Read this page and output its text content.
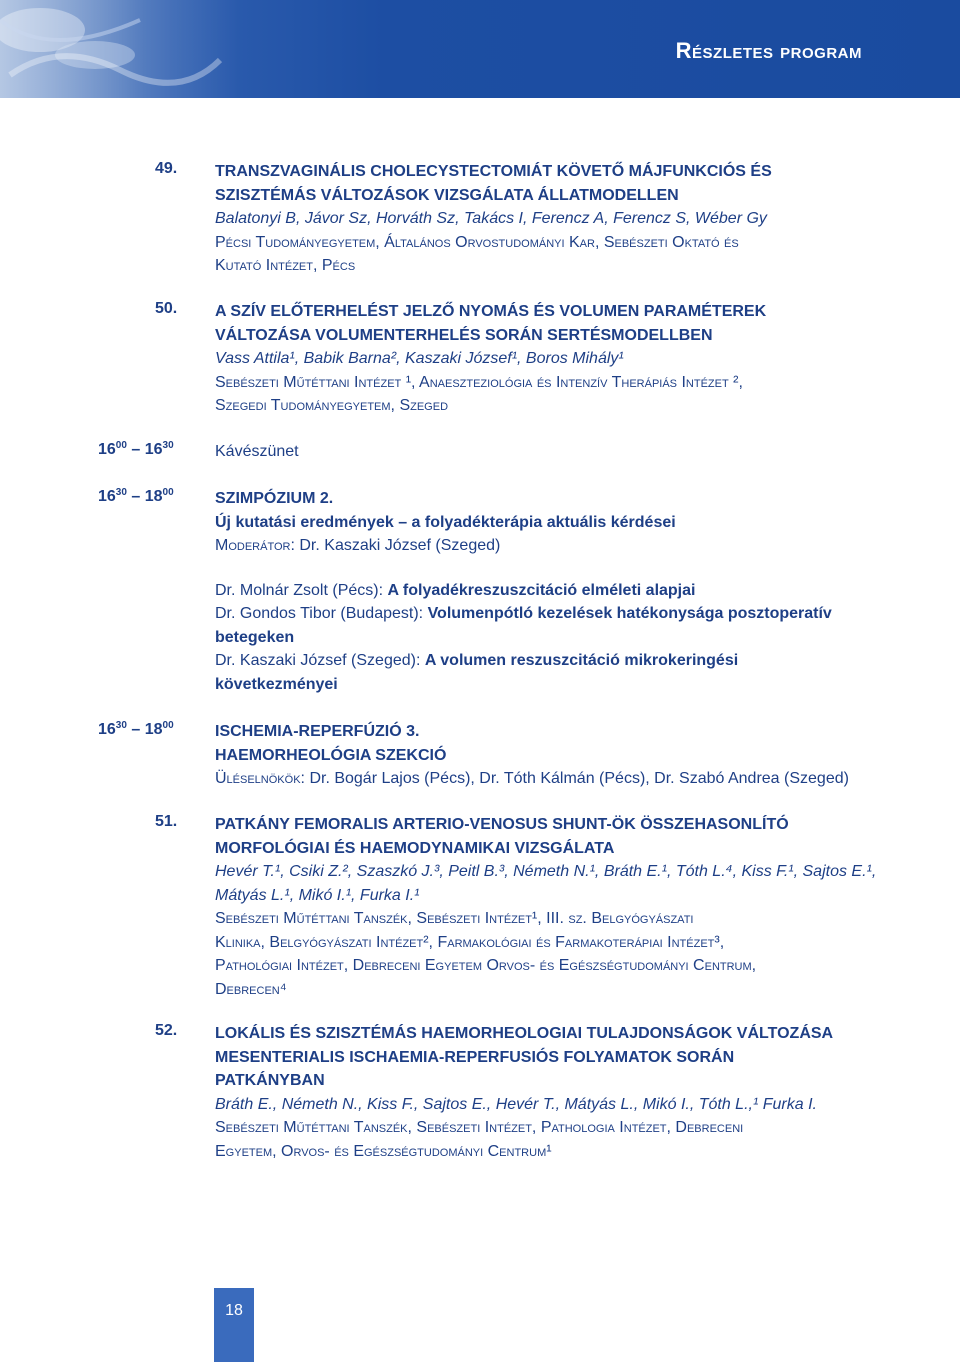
Részletes program
49. TRANSZVAGINÁLIS CHOLECYSTECTOMIÁT KÖVETŐ MÁJFUNKCIÓS ÉS
SZISZTÉMÁS VÁLTOZÁSOK VIZSGÁLATA ÁLLATMODELLEN
Balatonyi B, Jávor Sz, Horváth Sz, Takács I, Ferencz A, Ferencz S, Wéber Gy
Pécsi Tudományegyetem, Általános Orvostudományi Kar, Sebészeti Oktató és
Kutató Intézet, Pécs
50. A SZÍV ELŐTERHELÉST JELZŐ NYOMÁS ÉS VOLUMEN PARAMÉTEREK
VÁLTOZÁSA VOLUMENTERHELÉS SORÁN SERTÉSMODELLBEN
Vass Attila¹, Babik Barna², Kaszaki József¹, Boros Mihály¹
Sebészeti Műtéttani Intézet ¹, Anaeszteziológia és Intenzív Therápiás Intézet ²,
Szegedi Tudományegyetem, Szeged
$16^{00} - 16^{30}$	Kávészünet
$16^{30} - 18^{00}$	SZIMPÓZIUM 2.
Új kutatási eredmények – a folyadékterápia aktuális kérdései
Moderátor: Dr. Kaszaki József (Szeged)
Dr. Molnár Zsolt (Pécs): A folyadékreszuszcitáció elméleti alapjai
Dr. Gondos Tibor (Budapest): Volumenpótló kezelések hatékonysága posztoperatív
betegeken
Dr. Kaszaki József (Szeged): A volumen reszuszcitáció mikrokeringési
következményei
$16^{30} - 18^{00}$	ISCHEMIA-REPERFÚZIÓ 3.
HAEMORHEOLÓGIA SZEKCIÓ
Üléselnökök: Dr. Bogár Lajos (Pécs), Dr. Tóth Kálmán (Pécs), Dr. Szabó Andrea (Szeged)
51. PATKÁNY FEMORALIS ARTERIO-VENOSUS SHUNT-ÖK ÖSSZEHASONLÍTÓ
MORFOLÓGIAI ÉS HAEMODYNAMIKAI VIZSGÁLATA
Hevér T.¹, Csiki Z.², Szaszkó J.³, Peitl B.³, Németh N.¹, Bráth E.¹, Tóth L.⁴, Kiss F.¹, Sajtos E.¹,
Mátyás L.¹, Mikó I.¹, Furka I.¹
Sebészeti Műtéttani Tanszék, Sebészeti Intézet¹, III. sz. Belgyógyászati
Klinika, Belgyógyászati Intézet², Farmakológiai és Farmakoterápiai Intézet³,
Pathológiai Intézet, Debreceni Egyetem Orvos- és Egészségtudományi Centrum,
Debrecen⁴
52. LOKÁLIS ÉS SZISZTÉMÁS HAEMORHEOLOGIAI TULAJDONSÁGOK VÁLTOZÁSA
MESENTERIALIS ISCHAEMIA-REPERFUSIÓS FOLYAMATOK SORÁN
PATKÁNYBAN
Bráth E., Németh N., Kiss F., Sajtos E., Hevér T., Mátyás L., Mikó I., Tóth L.,¹ Furka I.
Sebészeti Műtéttani Tanszék, Sebészeti Intézet, Pathologia Intézet, Debreceni
Egyetem, Orvos- és Egészségtudományi Centrum¹
18
